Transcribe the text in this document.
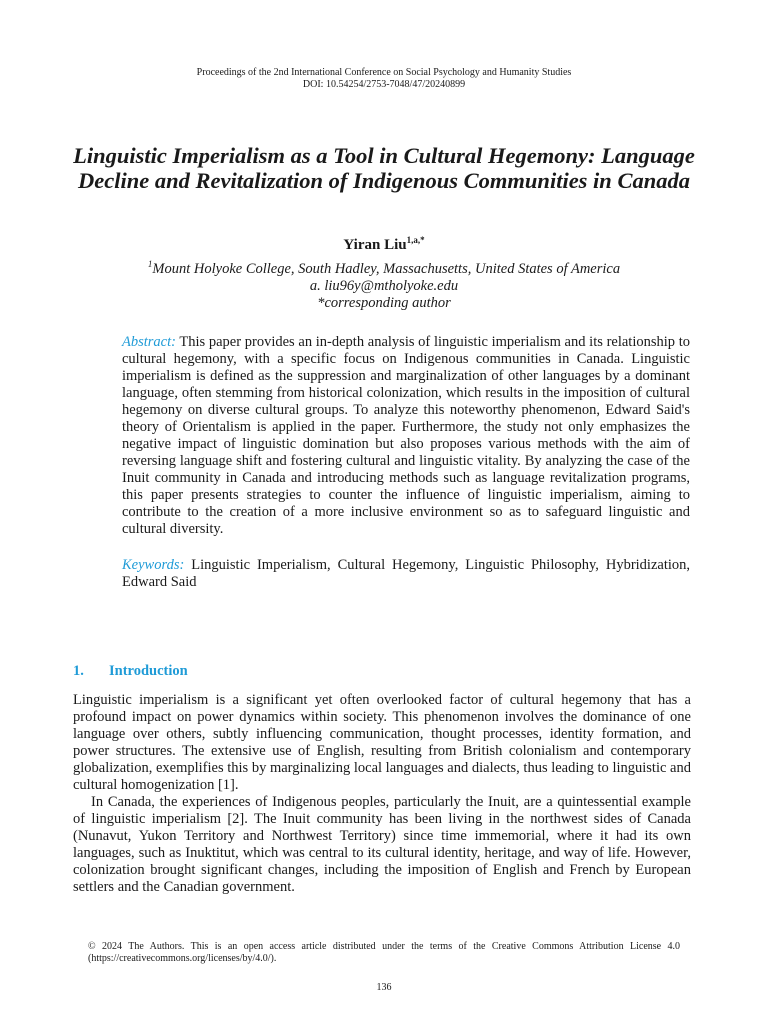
Proceedings of the 2nd International Conference on Social Psychology and Humanity Studies
DOI: 10.54254/2753-7048/47/20240899
Linguistic Imperialism as a Tool in Cultural Hegemony: Language Decline and Revitalization of Indigenous Communities in Canada
Yiran Liu$^{1,a,*}$
$^1$Mount Holyoke College, South Hadley, Massachusetts, United States of America
a. liu96y@mtholyoke.edu
*corresponding author
Abstract: This paper provides an in-depth analysis of linguistic imperialism and its relationship to cultural hegemony, with a specific focus on Indigenous communities in Canada. Linguistic imperialism is defined as the suppression and marginalization of other languages by a dominant language, often stemming from historical colonization, which results in the imposition of cultural hegemony on diverse cultural groups. To analyze this noteworthy phenomenon, Edward Said's theory of Orientalism is applied in the paper. Furthermore, the study not only emphasizes the negative impact of linguistic domination but also proposes various methods with the aim of reversing language shift and fostering cultural and linguistic vitality. By analyzing the case of the Inuit community in Canada and introducing methods such as language revitalization programs, this paper presents strategies to counter the influence of linguistic imperialism, aiming to contribute to the creation of a more inclusive environment so as to safeguard linguistic and cultural diversity.
Keywords: Linguistic Imperialism, Cultural Hegemony, Linguistic Philosophy, Hybridization, Edward Said
1. Introduction

Linguistic imperialism is a significant yet often overlooked factor of cultural hegemony that has a profound impact on power dynamics within society. This phenomenon involves the dominance of one language over others, subtly influencing communication, thought processes, identity formation, and power structures. The extensive use of English, resulting from British colonialism and contemporary globalization, exemplifies this by marginalizing local languages and dialects, thus leading to linguistic and cultural homogenization [1].

In Canada, the experiences of Indigenous peoples, particularly the Inuit, are a quintessential example of linguistic imperialism [2]. The Inuit community has been living in the northwest sides of Canada (Nunavut, Yukon Territory and Northwest Territory) since time immemorial, where it had its own languages, such as Inuktitut, which was central to its cultural identity, heritage, and way of life. However, colonization brought significant changes, including the imposition of English and French by European settlers and the Canadian government.

© 2024 The Authors. This is an open access article distributed under the terms of the Creative Commons Attribution License 4.0 (https://creativecommons.org/licenses/by/4.0/).
136
